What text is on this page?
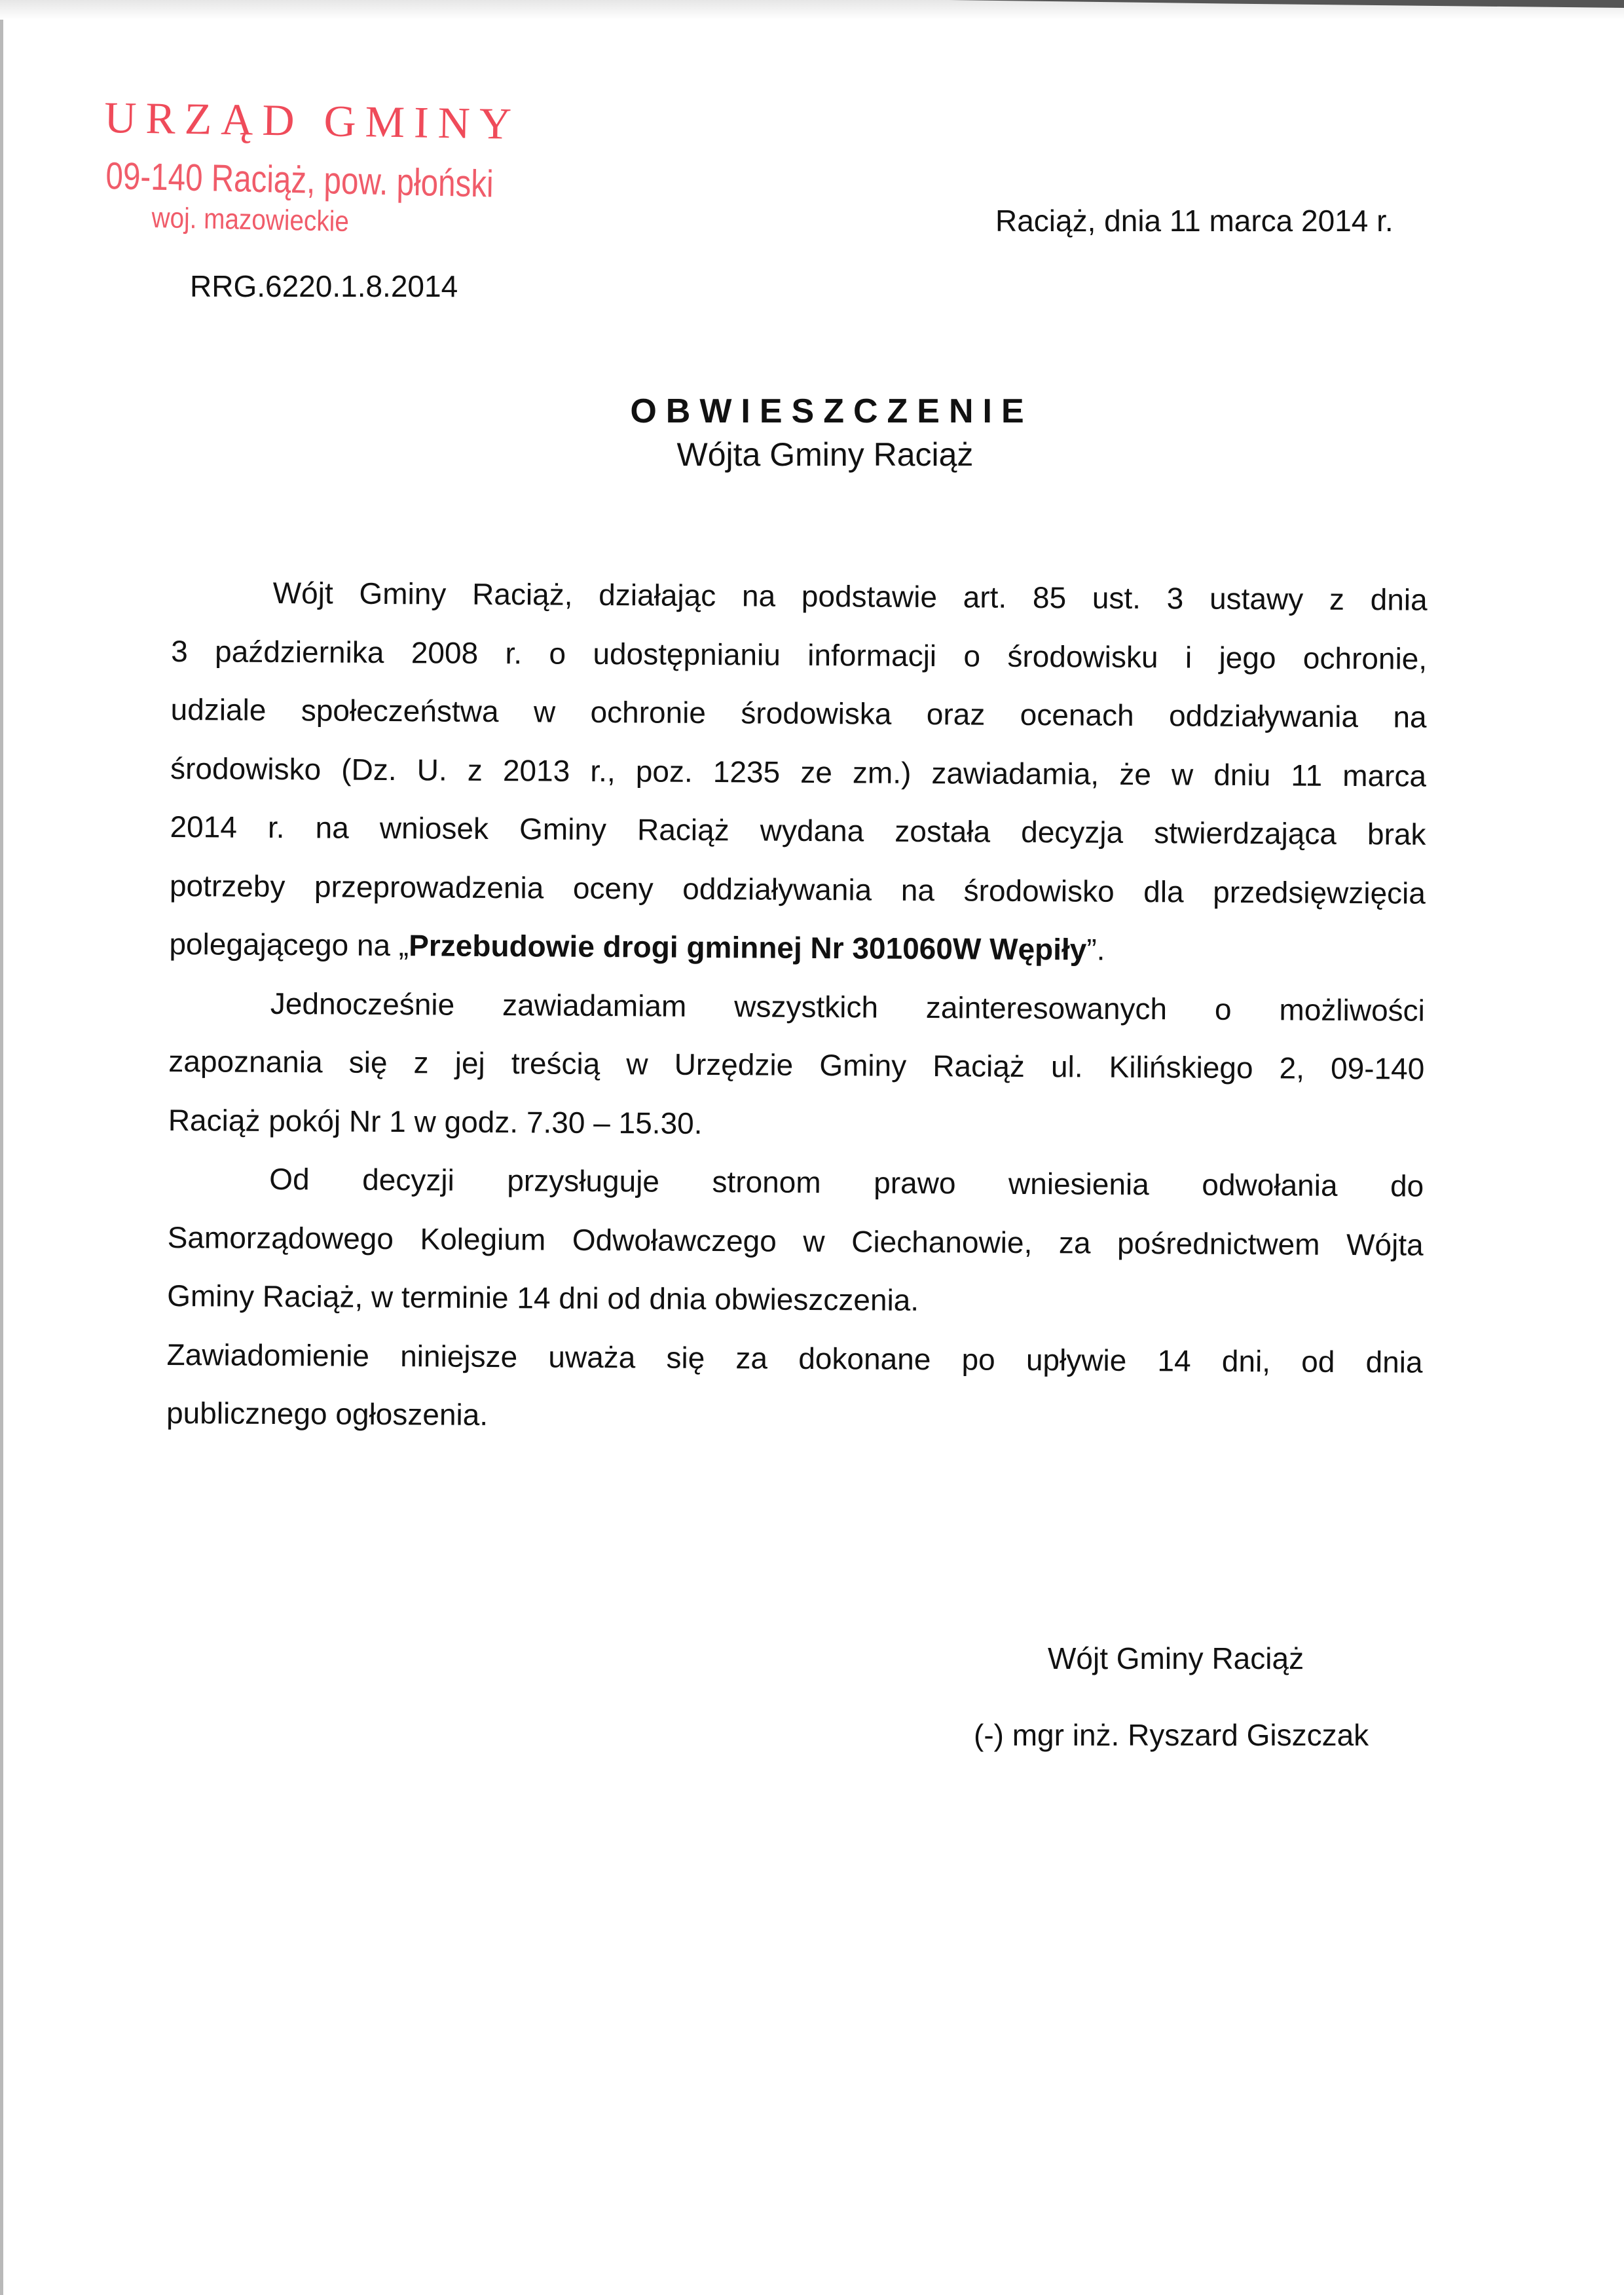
URZĄD GMINY
09-140 Raciąż, pow. płoński
woj. mazowieckie	Raciąż, dnia 11 marca 2014 r.
RRG.6220.1.8.2014
OBWIESZCZENIE
Wójta Gminy Raciąż

Wójt Gminy Raciąż, działając na podstawie art. 85 ust. 3 ustawy z dnia
3 października 2008 r. o udostępnianiu informacji o środowisku i jego ochronie,
udziale społeczeństwa w ochronie środowiska oraz ocenach oddziaływania na
środowisko (Dz. U. z 2013 r., poz. 1235 ze zm.) zawiadamia, że w dniu 11 marca
2014 r. na wniosek Gminy Raciąż wydana została decyzja stwierdzająca brak
potrzeby przeprowadzenia oceny oddziaływania na środowisko dla przedsięwzięcia
polegającego na „Przebudowie drogi gminnej Nr 301060W Wępiły”.

Jednocześnie zawiadamiam wszystkich zainteresowanych o możliwości
zapoznania się z jej treścią w Urzędzie Gminy Raciąż ul. Kilińskiego 2, 09-140
Raciąż pokój Nr 1 w godz. 7.30 – 15.30.

Od decyzji przysługuje stronom prawo wniesienia odwołania do
Samorządowego Kolegium Odwoławczego w Ciechanowie, za pośrednictwem Wójta
Gminy Raciąż, w terminie 14 dni od dnia obwieszczenia.

Zawiadomienie niniejsze uważa się za dokonane po upływie 14 dni, od dnia
publicznego ogłoszenia.

Wójt Gminy Raciąż
(-) mgr inż. Ryszard Giszczak
